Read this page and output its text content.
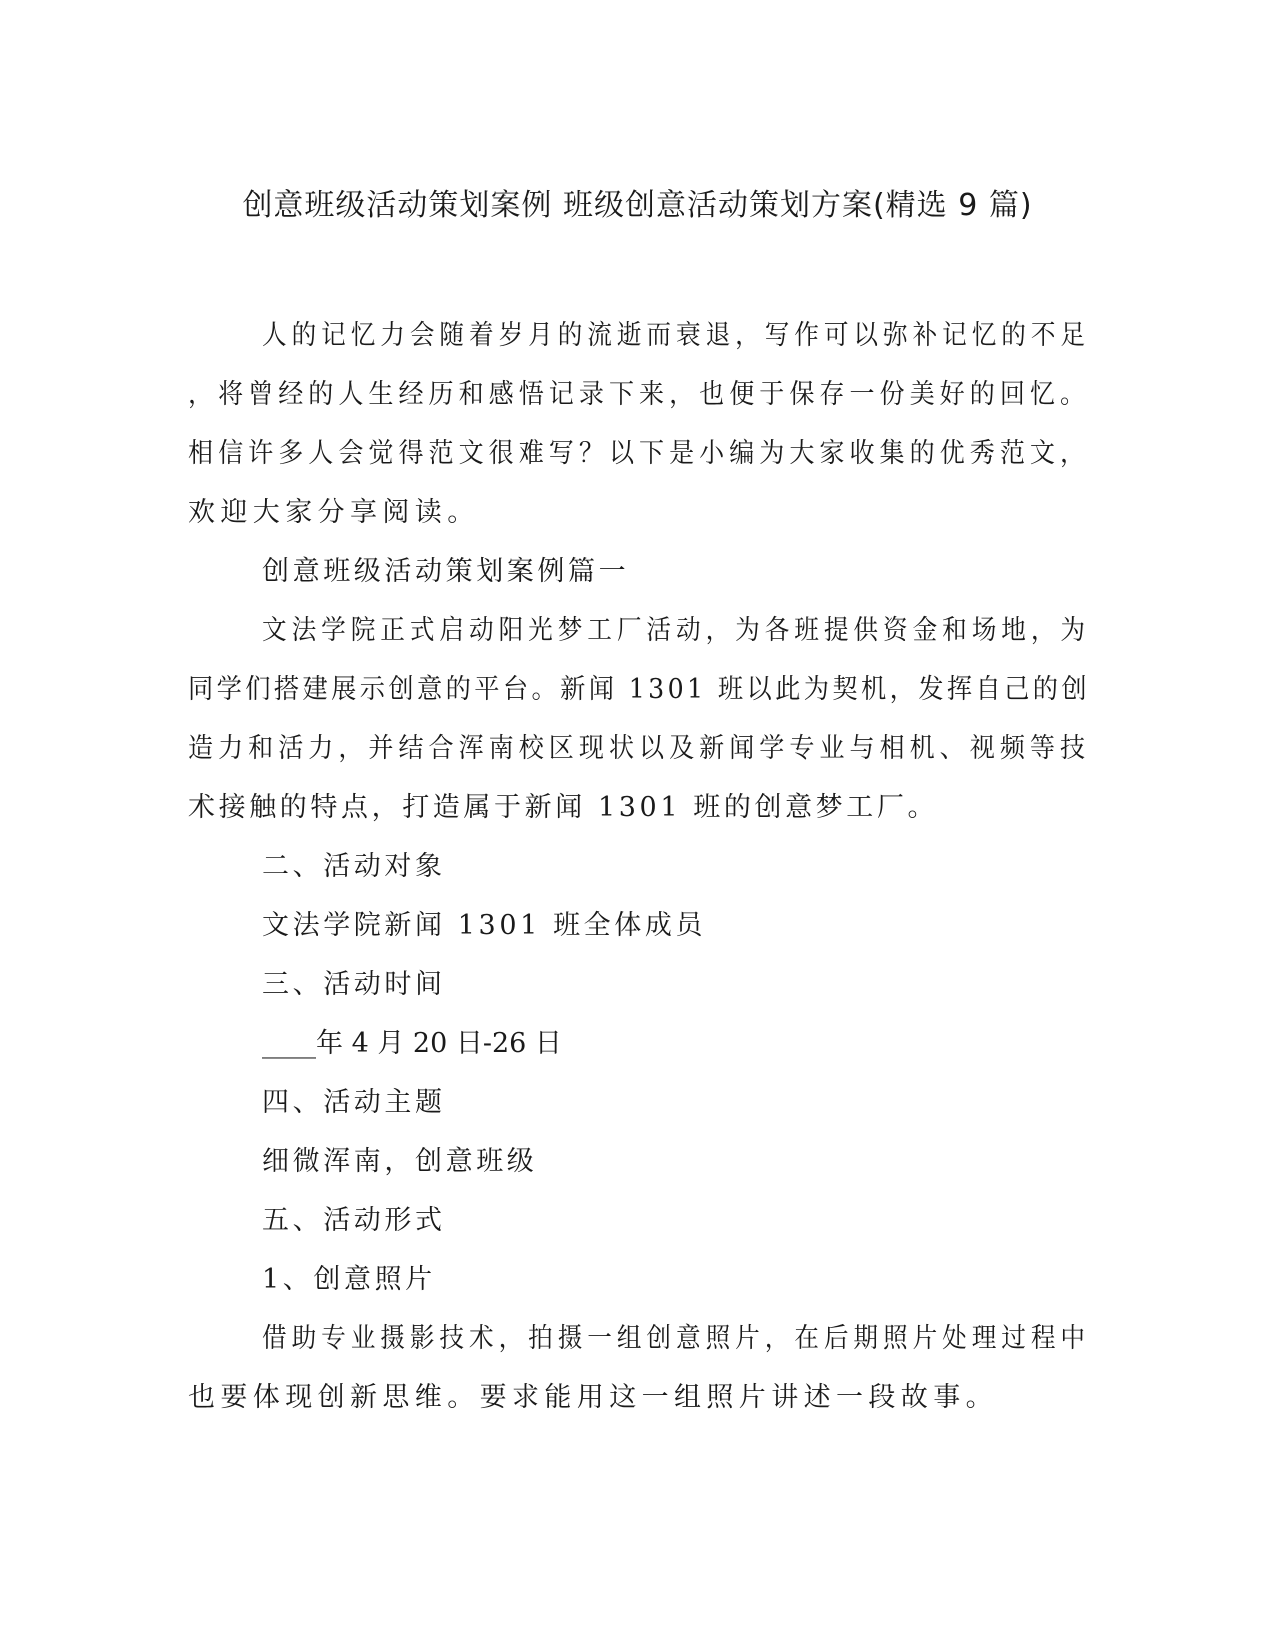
创意班级活动策划案例 班级创意活动策划方案(精选 9 篇)
人的记忆力会随着岁月的流逝而衰退，写作可以弥补记忆的不足
，将曾经的人生经历和感悟记录下来，也便于保存一份美好的回忆。
相信许多人会觉得范文很难写？以下是小编为大家收集的优秀范文，
欢迎大家分享阅读。
创意班级活动策划案例篇一
文法学院正式启动阳光梦工厂活动，为各班提供资金和场地，为
同学们搭建展示创意的平台。新闻 1301 班以此为契机，发挥自己的创
造力和活力，并结合浑南校区现状以及新闻学专业与相机、视频等技
术接触的特点，打造属于新闻 1301 班的创意梦工厂。
二、活动对象
文法学院新闻 1301 班全体成员
三、活动时间
____年 4 月 20 日-26 日
四、活动主题
细微浑南，创意班级
五、活动形式
1、创意照片
借助专业摄影技术，拍摄一组创意照片，在后期照片处理过程中
也要体现创新思维。要求能用这一组照片讲述一段故事。
